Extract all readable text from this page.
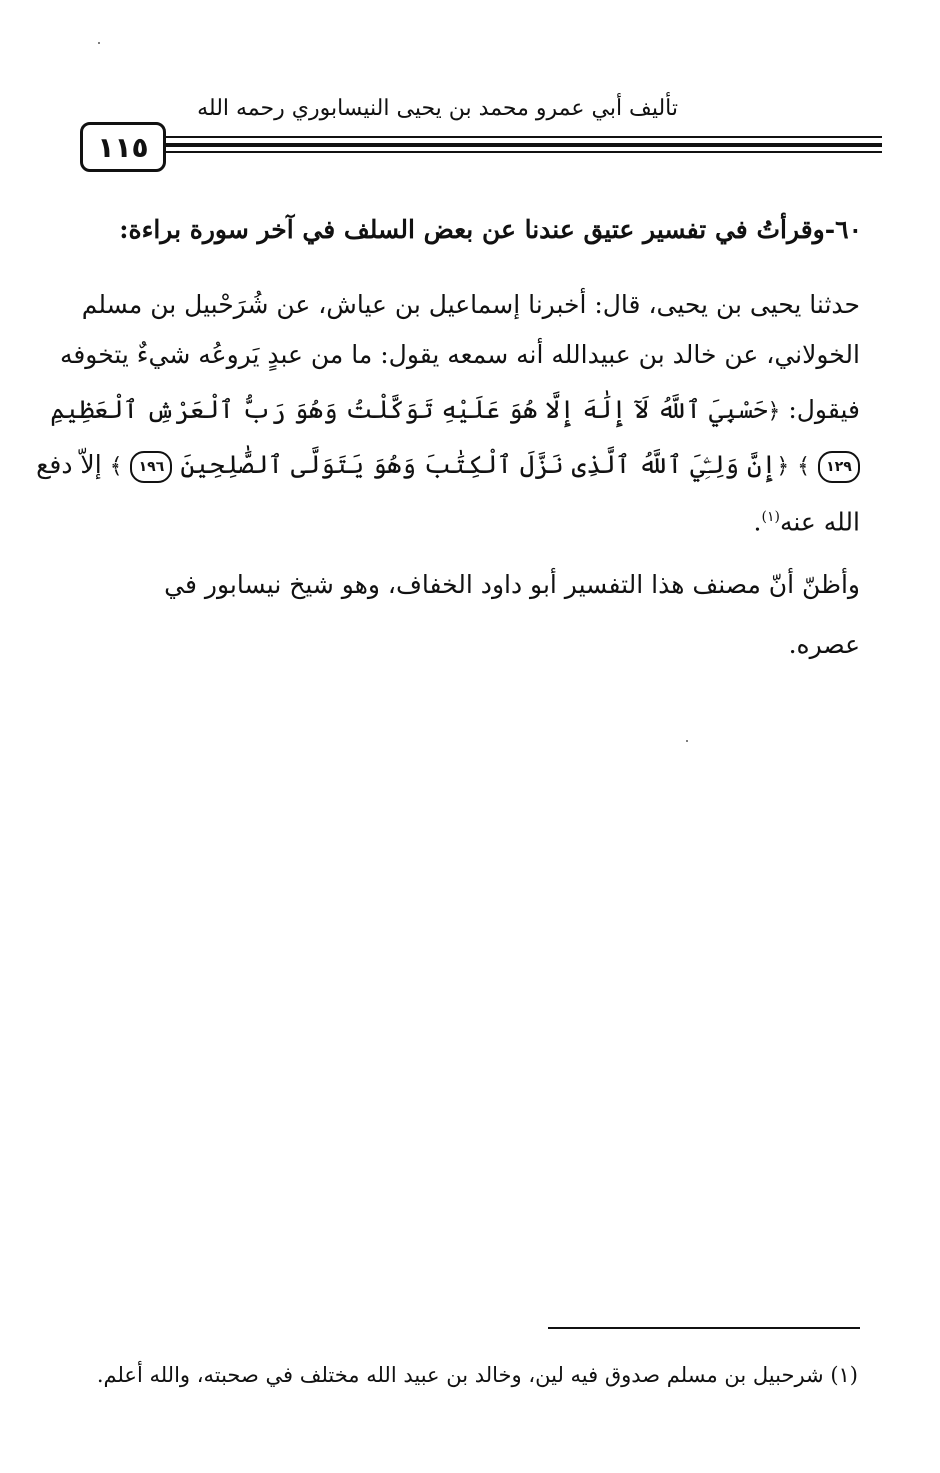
تأليف أبي عمرو محمد بن يحيى النيسابوري رحمه الله
١١٥
٦٠-وقرأتُ في تفسير عتيق عندنا عن بعض السلف في آخر سورة براءة:
حدثنا يحيى بن يحيى، قال: أخبرنا إسماعيل بن عياش، عن شُرَحْبيل بن مسلم
الخولاني، عن خالد بن عبيدالله أنه سمعه يقول: ما من عبدٍ يَروعُه شيءٌ يتخوفه
فيقول: ﴿حَسْبِيَ ٱللَّهُ لَآ إِلَٰهَ إِلَّا هُوَ عَلَيْهِ تَوَكَّلْتُ وَهُوَ رَبُّ ٱلْعَرْشِ ٱلْعَظِيمِ
١٢٩ ﴾ ﴿إِنَّ وَلِـِّۧيَ ٱللَّهُ ٱلَّذِى نَزَّلَ ٱلْكِتَٰبَ وَهُوَ يَتَوَلَّى ٱلصَّٰلِحِينَ ١٩٦ ﴾ إلاّ دفع
الله عنه$^{(١)}$.
وأظنّ أنّ مصنف هذا التفسير أبو داود الخفاف، وهو شيخ نيسابور في
عصره.
(١) شرحبيل بن مسلم صدوق فيه لين، وخالد بن عبيد الله مختلف في صحبته، والله أعلم.
